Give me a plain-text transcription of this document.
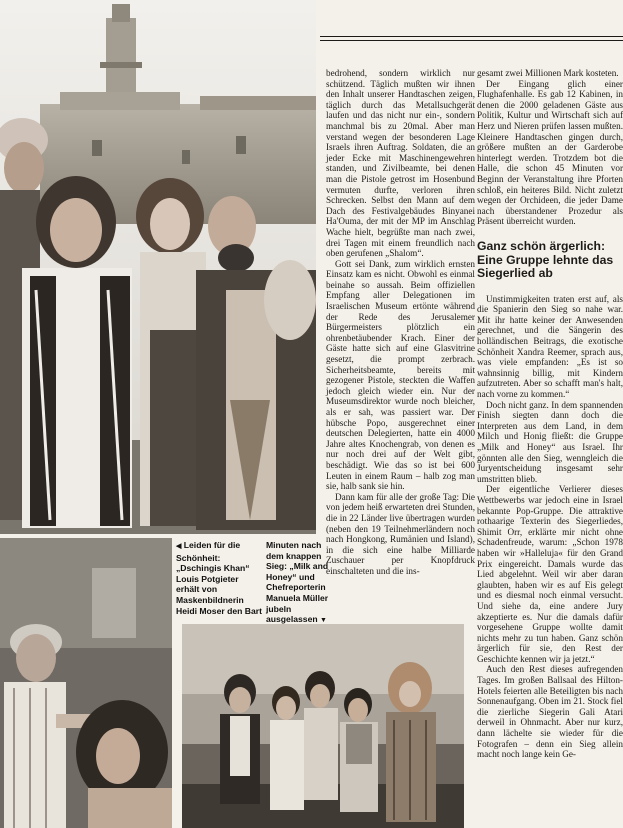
◀ Leiden für die Schönheit: „Dschingis Khan“ Louis Potgieter erhält von Maskenbildnerin Heidi Moser den Bart

Minuten nach dem knappen Sieg: „Milk and Honey“ und Chefreporterin Manuela Müller jubeln ausgelassen ▼

bedrohend, sondern wirklich nur schützend. Täglich mußten wir ihnen den Inhalt unserer Handtaschen zeigen, täglich durch das Metallsuchgerät laufen und das nicht nur ein-, sondern manchmal bis zu 20mal. Aber man verstand wegen der besonderen Lage Israels ihren Auftrag. Soldaten, die an jeder Ecke mit Maschinengewehren standen, und Zivilbeamte, bei denen man die Pistole getrost im Hosenbund vermuten durfte, verloren ihren Schrecken. Selbst den Mann auf dem Dach des Festivalgebäudes Binyanei Ha'Ouma, der mit der MP im Anschlag Wache hielt, begrüßte man nach zwei, drei Tagen mit einem freundlich nach oben gerufenen „Shalom“.

Gott sei Dank, zum wirklich ernsten Einsatz kam es nicht. Obwohl es einmal beinahe so aussah. Beim offiziellen Empfang aller Delegationen im Israelischen Museum ertönte während der Rede des Jerusalemer Bürgermeisters plötzlich ein ohrenbetäubender Krach. Einer der Gäste hatte sich auf eine Glasvitrine gesetzt, die prompt zerbrach. Sicherheitsbeamte, bereits mit gezogener Pistole, steckten die Waffen jedoch gleich wieder ein. Nur der Museumsdirektor wurde noch bleicher, als er sah, was passiert war. Der hübsche Popo, ausgerechnet einer deutschen Delegierten, hatte ein 4000 Jahre altes Knochengrab, von denen es nur noch drei auf der Welt gibt, beschädigt. Wie das so ist bei 600 Leuten in einem Raum – halb zog man sie, halb sank sie hin.

Dann kam für alle der große Tag: Die von jedem heiß erwarteten drei Stunden, die in 22 Länder live übertragen wurden (neben den 19 Teilnehmerländern noch nach Hongkong, Rumänien und Island), in die sich eine halbe Milliarde Zuschauer per Knopfdruck einschalteten und die ins-

gesamt zwei Millionen Mark kosteten.

Der Eingang glich einer Flughafenhalle. Es gab 12 Kabinen, in denen die 2000 geladenen Gäste aus Politik, Kultur und Wirtschaft sich auf Herz und Nieren prüfen lassen mußten. Kleinere Handtaschen gingen durch, größere mußten an der Garderobe hinterlegt werden. Trotzdem bot die Halle, die schon 45 Minuten vor Beginn der Veranstaltung ihre Pforten schloß, ein heiteres Bild. Nicht zuletzt wegen der Orchideen, die jeder Dame nach überstandener Prozedur als Präsent überreicht wurden.

Ganz schön ärgerlich: Eine Gruppe lehnte das Siegerlied ab

Unstimmigkeiten traten erst auf, als die Spanierin den Sieg so nahe war. Mit ihr hatte keiner der Anwesenden gerechnet, und die Sängerin des holländischen Beitrags, die exotische Schönheit Xandra Reemer, sprach aus, was viele empfanden: „Es ist so wahnsinnig billig, mit Kindern aufzutreten. Aber so schafft man's halt, nach vorne zu kommen.“

Doch nicht ganz. In dem spannenden Finish siegten dann doch die Interpreten aus dem Land, in dem Milch und Honig fließt: die Gruppe „Milk and Honey“ aus Israel. Ihr gönnten alle den Sieg, wenngleich die Juryentscheidung insgesamt sehr umstritten blieb.

Der eigentliche Verlierer dieses Wettbewerbs war jedoch eine in Israel bekannte Pop-Gruppe. Die attraktive rothaarige Texterin des Siegerliedes, Shimit Orr, erklärte mir nicht ohne Schadenfreude, warum: „Schon 1978 haben wir »Halleluja« für den Grand Prix eingereicht. Damals wurde das Lied abgelehnt. Weil wir aber daran glaubten, haben wir es auf Eis gelegt und es diesmal noch einmal versucht. Und siehe da, eine andere Jury akzeptierte es. Nur die damals dafür vorgesehene Gruppe wollte damit nichts mehr zu tun haben. Ganz schön ärgerlich für sie, den Rest der Geschichte kennen wir ja jetzt.“

Auch den Rest dieses aufregenden Tages. Im großen Ballsaal des Hilton-Hotels feierten alle Beteiligten bis nach Sonnenaufgang. Oben im 21. Stock fiel die zierliche Siegerin Gali Atari derweil in Ohnmacht. Aber nur kurz, dann lächelte sie wieder für die Fotografen – denn ein Sieg allein macht noch lange kein Ge-
